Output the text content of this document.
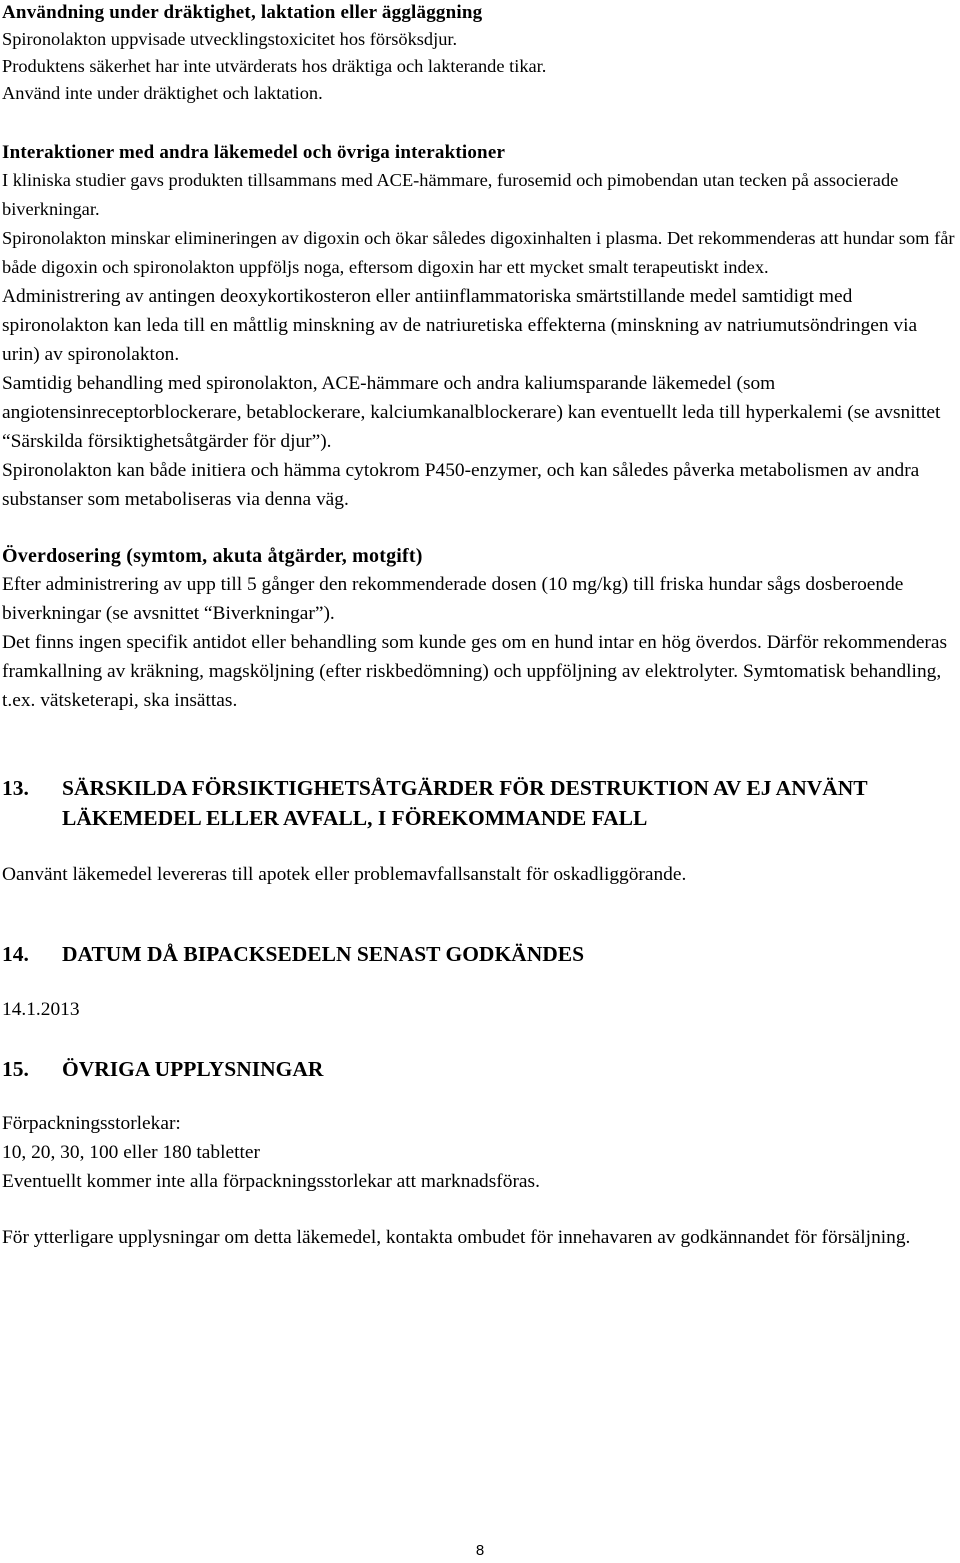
Användning under dräktighet, laktation eller äggläggning

Spironolakton uppvisade utvecklingstoxicitet hos försöksdjur.

Produktens säkerhet har inte utvärderats hos dräktiga och lakterande tikar.

Använd inte under dräktighet och laktation.

Interaktioner med andra läkemedel och övriga interaktioner

I kliniska studier gavs produkten tillsammans med ACE-hämmare, furosemid och pimobendan utan tecken på associerade biverkningar.

Spironolakton minskar elimineringen av digoxin och ökar således digoxinhalten i plasma. Det rekommenderas att hundar som får både digoxin och spironolakton uppföljs noga, eftersom digoxin har ett mycket smalt terapeutiskt index.

Administrering av antingen deoxykortikosteron eller antiinflammatoriska smärtstillande medel samtidigt med spironolakton kan leda till en måttlig minskning av de natriuretiska effekterna (minskning av natriumutsöndringen via urin) av spironolakton.

Samtidig behandling med spironolakton, ACE-hämmare och andra kaliumsparande läkemedel (som angiotensinreceptorblockerare, betablockerare, kalciumkanalblockerare) kan eventuellt leda till hyperkalemi (se avsnittet “Särskilda försiktighetsåtgärder för djur”).

Spironolakton kan både initiera och hämma cytokrom P450-enzymer, och kan således påverka metabolismen av andra substanser som metaboliseras via denna väg.

Överdosering (symtom, akuta åtgärder, motgift)

Efter administrering av upp till 5 gånger den rekommenderade dosen (10 mg/kg) till friska hundar sågs dosberoende biverkningar (se avsnittet “Biverkningar”).

Det finns ingen specifik antidot eller behandling som kunde ges om en hund intar en hög överdos. Därför rekommenderas framkallning av kräkning, magsköljning (efter riskbedömning) och uppföljning av elektrolyter. Symtomatisk behandling, t.ex. vätsketerapi, ska insättas.

13.	SÄRSKILDA FÖRSIKTIGHETSÅTGÄRDER FÖR DESTRUKTION AV EJ ANVÄNT LÄKEMEDEL ELLER AVFALL, I FÖREKOMMANDE FALL

Oanvänt läkemedel levereras till apotek eller problemavfallsanstalt för oskadliggörande.

14.	DATUM DÅ BIPACKSEDELN SENAST GODKÄNDES

14.1.2013

15.	ÖVRIGA UPPLYSNINGAR

Förpackningsstorlekar:

10, 20, 30, 100 eller 180 tabletter

Eventuellt kommer inte alla förpackningsstorlekar att marknadsföras.

För ytterligare upplysningar om detta läkemedel, kontakta ombudet för innehavaren av godkännandet för försäljning.

8
